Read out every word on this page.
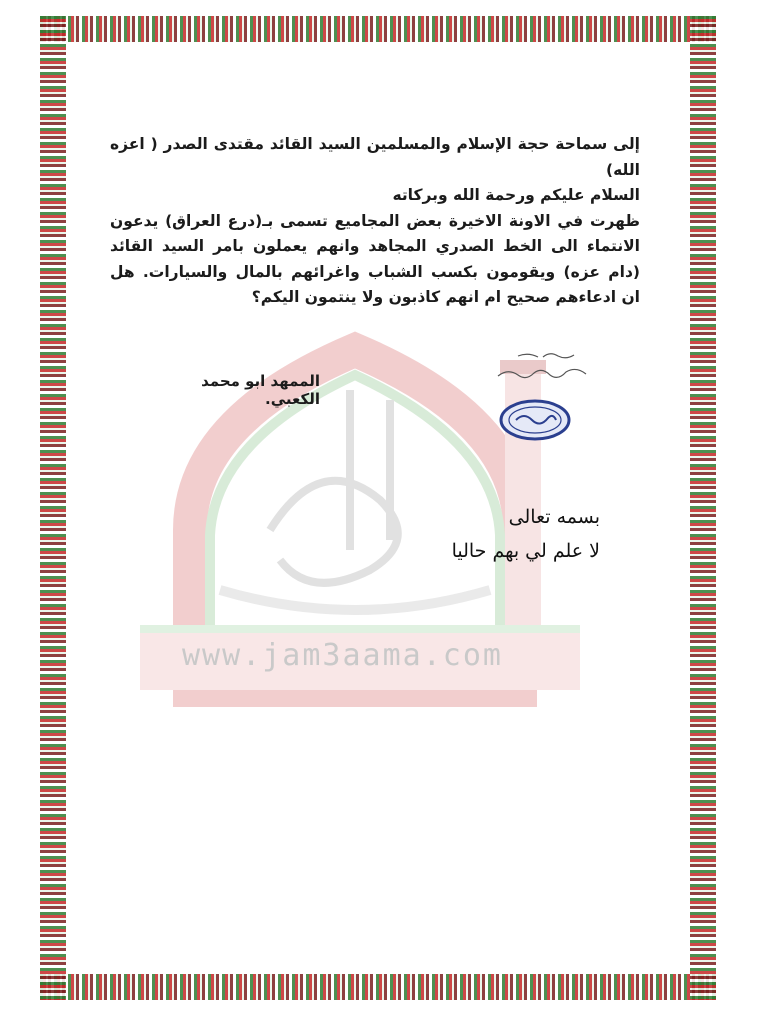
www.jam3aama.com

إلى سماحة حجة الإسلام والمسلمين السيد القائد مقتدى الصدر ( اعزه الله)

السلام عليكم ورحمة الله وبركاته

ظهرت في الاونة الاخيرة بعض المجاميع تسمى بـ(درع العراق) يدعون الانتماء الى الخط الصدري المجاهد وانهم يعملون بامر السيد القائد (دام عزه) ويقومون بكسب الشباب واغرائهم بالمال والسيارات. هل ان ادعاءهم صحيح ام انهم كاذبون ولا ينتمون اليكم؟

الممهد ابو محمد الكعبي.
بسمه تعالى
لا علم لي بهم حاليا
